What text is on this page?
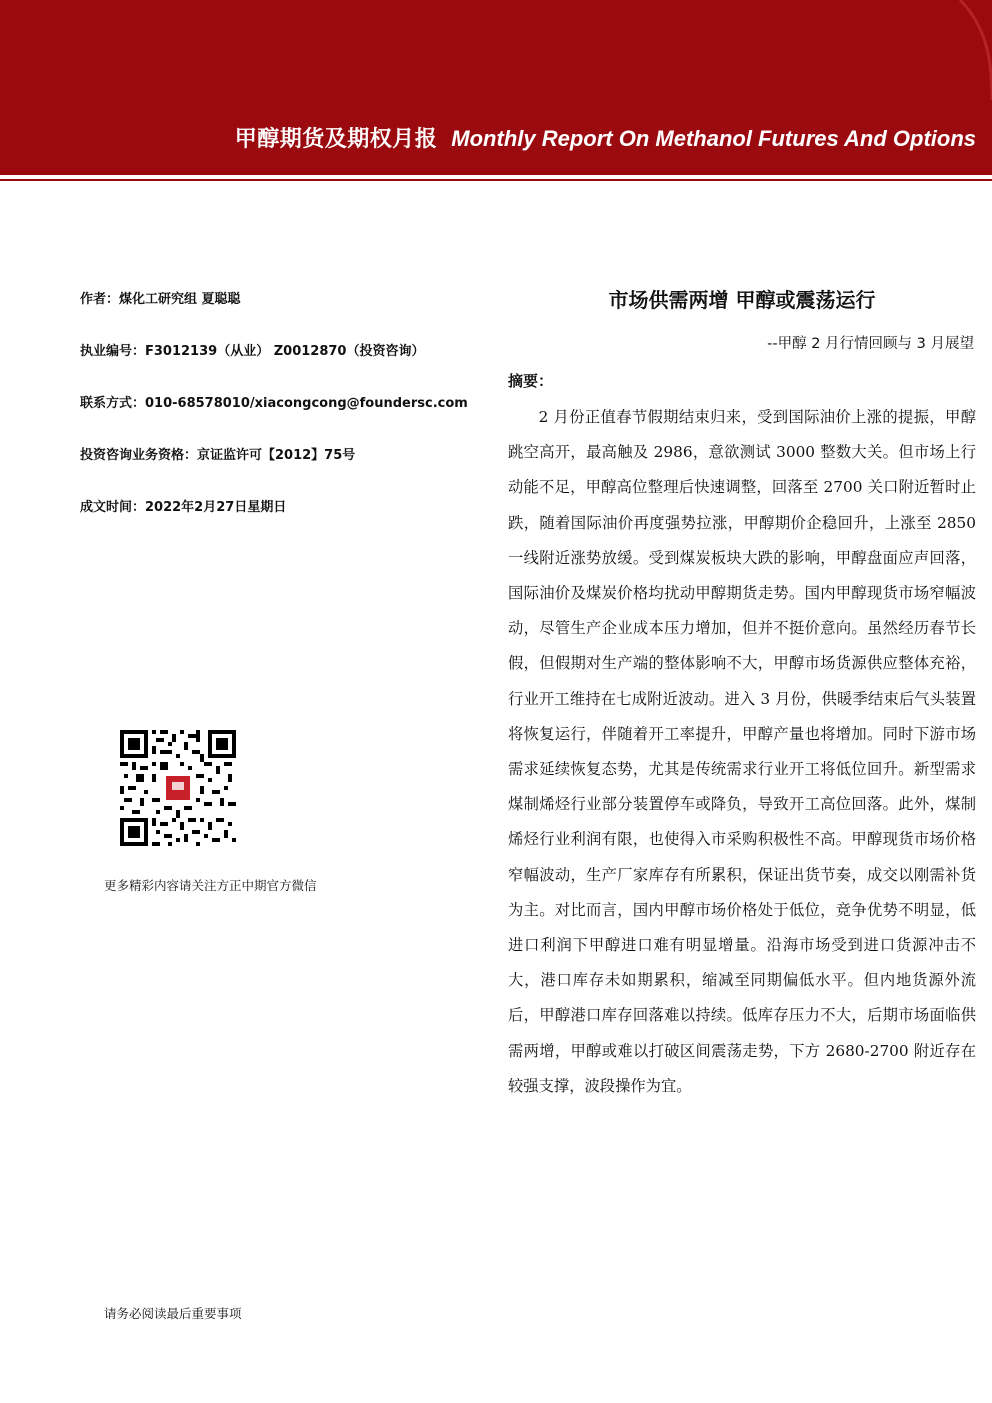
甲醇期货及期权月报 Monthly Report On Methanol Futures And Options
作者：煤化工研究组 夏聪聪
执业编号：F3012139（从业） Z0012870（投资咨询）
联系方式：010-68578010/xiacongcong@foundersc.com
投资咨询业务资格：京证监许可【2012】75号
成文时间：2022年2月27日星期日
更多精彩内容请关注方正中期官方微信
市场供需两增 甲醇或震荡运行
--甲醇 2 月行情回顾与 3 月展望
摘要：

2 月份正值春节假期结束归来，受到国际油价上涨的提振，甲醇跳空高开，最高触及 2986，意欲测试 3000 整数大关。但市场上行动能不足，甲醇高位整理后快速调整，回落至 2700 关口附近暂时止跌，随着国际油价再度强势拉涨，甲醇期价企稳回升，上涨至 2850 一线附近涨势放缓。受到煤炭板块大跌的影响，甲醇盘面应声回落，国际油价及煤炭价格均扰动甲醇期货走势。国内甲醇现货市场窄幅波动，尽管生产企业成本压力增加，但并不挺价意向。虽然经历春节长假，但假期对生产端的整体影响不大，甲醇市场货源供应整体充裕，行业开工维持在七成附近波动。进入 3 月份，供暖季结束后气头装置将恢复运行，伴随着开工率提升，甲醇产量也将增加。同时下游市场需求延续恢复态势，尤其是传统需求行业开工将低位回升。新型需求煤制烯烃行业部分装置停车或降负，导致开工高位回落。此外，煤制烯烃行业利润有限，也使得入市采购积极性不高。甲醇现货市场价格窄幅波动，生产厂家库存有所累积，保证出货节奏，成交以刚需补货为主。对比而言，国内甲醇市场价格处于低位，竞争优势不明显，低进口利润下甲醇进口难有明显增量。沿海市场受到进口货源冲击不大，港口库存未如期累积，缩减至同期偏低水平。但内地货源外流后，甲醇港口库存回落难以持续。低库存压力不大，后期市场面临供需两增，甲醇或难以打破区间震荡走势，下方 2680-2700 附近存在较强支撑，波段操作为宜。

请务必阅读最后重要事项
